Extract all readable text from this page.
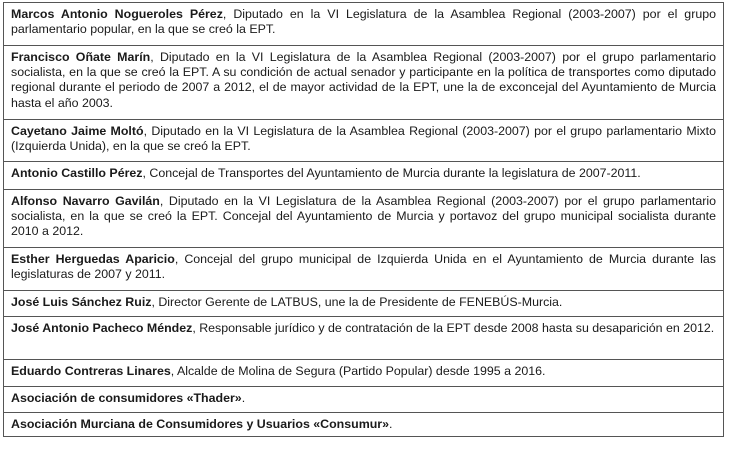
Marcos Antonio Nogueroles Pérez, Diputado en la VI Legislatura de la Asamblea Regional (2003-2007) por el grupo parlamentario popular, en la que se creó la EPT.
Francisco Oñate Marín, Diputado en la VI Legislatura de la Asamblea Regional (2003-2007) por el grupo parlamentario socialista, en la que se creó la EPT. A su condición de actual senador y participante en la política de transportes como diputado regional durante el periodo de 2007 a 2012, el de mayor actividad de la EPT, une la de exconcejal del Ayuntamiento de Murcia hasta el año 2003.
Cayetano Jaime Moltó, Diputado en la VI Legislatura de la Asamblea Regional (2003-2007) por el grupo parlamentario Mixto (Izquierda Unida), en la que se creó la EPT.
Antonio Castillo Pérez, Concejal de Transportes del Ayuntamiento de Murcia durante la legislatura de 2007-2011.
Alfonso Navarro Gavilán, Diputado en la VI Legislatura de la Asamblea Regional (2003-2007) por el grupo parlamentario socialista, en la que se creó la EPT. Concejal del Ayuntamiento de Murcia y portavoz del grupo municipal socialista durante 2010 a 2012.
Esther Herguedas Aparicio, Concejal del grupo municipal de Izquierda Unida en el Ayuntamiento de Murcia durante las legislaturas de 2007 y 2011.
José Luis Sánchez Ruiz, Director Gerente de LATBUS, une la de Presidente de FENEBÚS-Murcia.
José Antonio Pacheco Méndez, Responsable jurídico y de contratación de la EPT desde 2008 hasta su desaparición en 2012.
Eduardo Contreras Linares, Alcalde de Molina de Segura (Partido Popular) desde 1995 a 2016.
Asociación de consumidores «Thader».
Asociación Murciana de Consumidores y Usuarios «Consumur».
